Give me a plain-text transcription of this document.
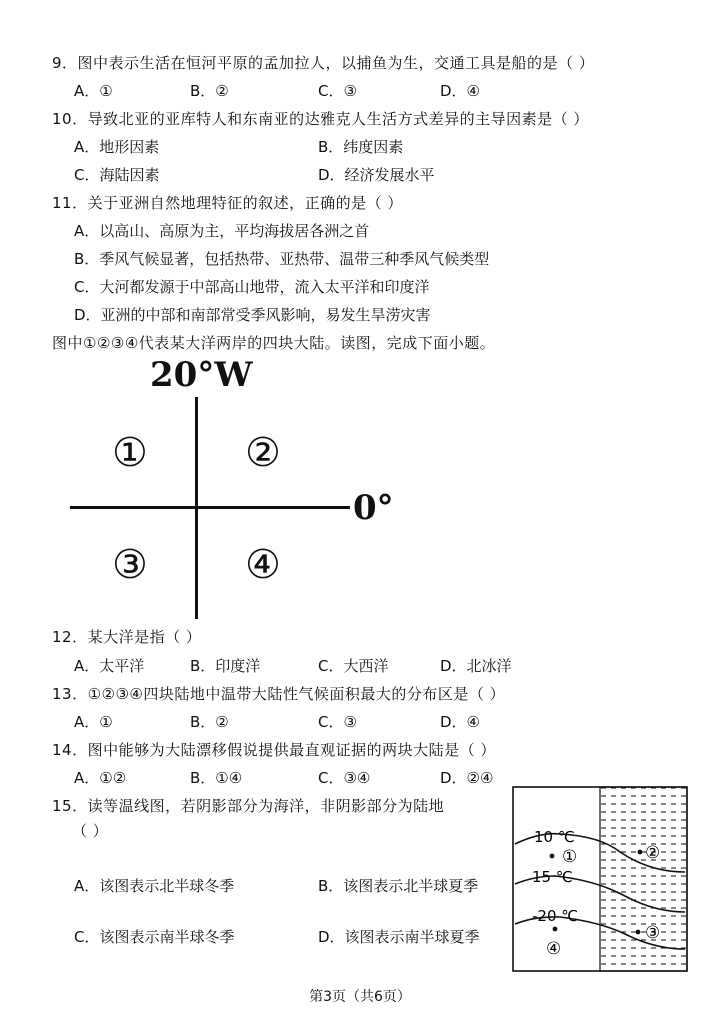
9．图中表示生活在恒河平原的孟加拉人，以捕鱼为生，交通工具是船的是（ ）
A．①	B．②	C．③	D．④
10．导致北亚的亚库特人和东南亚的达雅克人生活方式差异的主导因素是（ ）
A．地形因素	B．纬度因素
C．海陆因素	D．经济发展水平
11．关于亚洲自然地理特征的叙述，正确的是（ ）
A．以高山、高原为主，平均海拔居各洲之首
B．季风气候显著，包括热带、亚热带、温带三种季风气候类型
C．大河都发源于中部高山地带，流入太平洋和印度洋
D．亚洲的中部和南部常受季风影响，易发生旱涝灾害
图中①②③④代表某大洋两岸的四块大陆。读图，完成下面小题。
20°W
0°
① ②
③ ④
12．某大洋是指（ ）
A．太平洋	B．印度洋	C．大西洋	D．北冰洋
13．①②③④四块陆地中温带大陆性气候面积最大的分布区是（ ）
A．①	B．②	C．③	D．④
14．图中能够为大陆漂移假说提供最直观证据的两块大陆是（ ）
A．①②	B．①④	C．③④	D．②④
15．读等温线图，若阴影部分为海洋，非阴影部分为陆地
（ ）
A．该图表示北半球冬季	B．该图表示北半球夏季
C．该图表示南半球冬季	D．该图表示南半球夏季
10 ℃
15 ℃
-20 ℃
①	②
③
④
第3页（共6页）
